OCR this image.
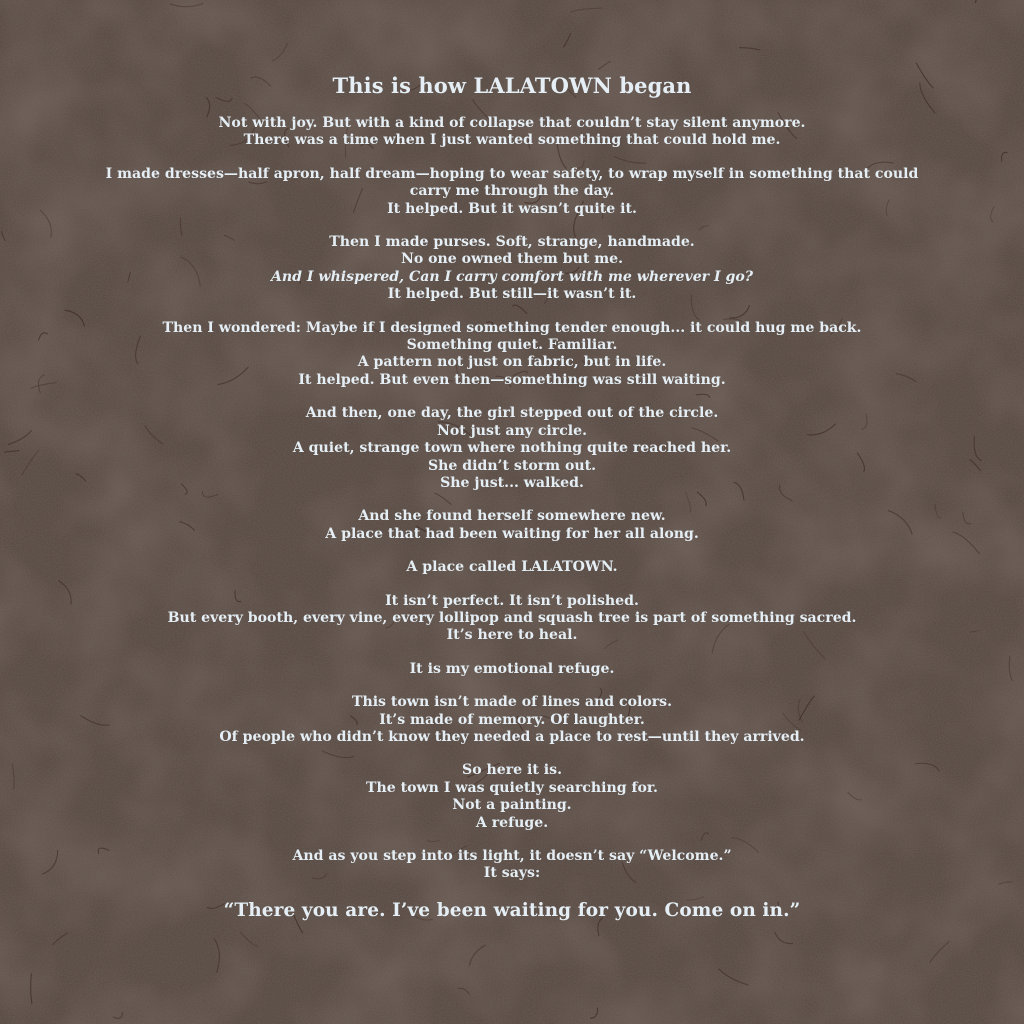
This is how LALATOWN began

Not with joy. But with a kind of collapse that couldn’t stay silent anymore.
There was a time when I just wanted something that could hold me.

I made dresses—half apron, half dream—hoping to wear safety, to wrap myself in something that could carry me through the day.
It helped. But it wasn’t quite it.

Then I made purses. Soft, strange, handmade.
No one owned them but me.
And I whispered, Can I carry comfort with me wherever I go?
It helped. But still—it wasn’t it.

Then I wondered: Maybe if I designed something tender enough... it could hug me back.
Something quiet. Familiar.
A pattern not just on fabric, but in life.
It helped. But even then—something was still waiting.

And then, one day, the girl stepped out of the circle.
Not just any circle.
A quiet, strange town where nothing quite reached her.
She didn’t storm out.
She just... walked.

And she found herself somewhere new.
A place that had been waiting for her all along.

A place called LALATOWN.

It isn’t perfect. It isn’t polished.
But every booth, every vine, every lollipop and squash tree is part of something sacred.
It’s here to heal.

It is my emotional refuge.

This town isn’t made of lines and colors.
It’s made of memory. Of laughter.
Of people who didn’t know they needed a place to rest—until they arrived.

So here it is.
The town I was quietly searching for.
Not a painting.
A refuge.

And as you step into its light, it doesn’t say “Welcome.”
It says:

“There you are. I’ve been waiting for you. Come on in.”
